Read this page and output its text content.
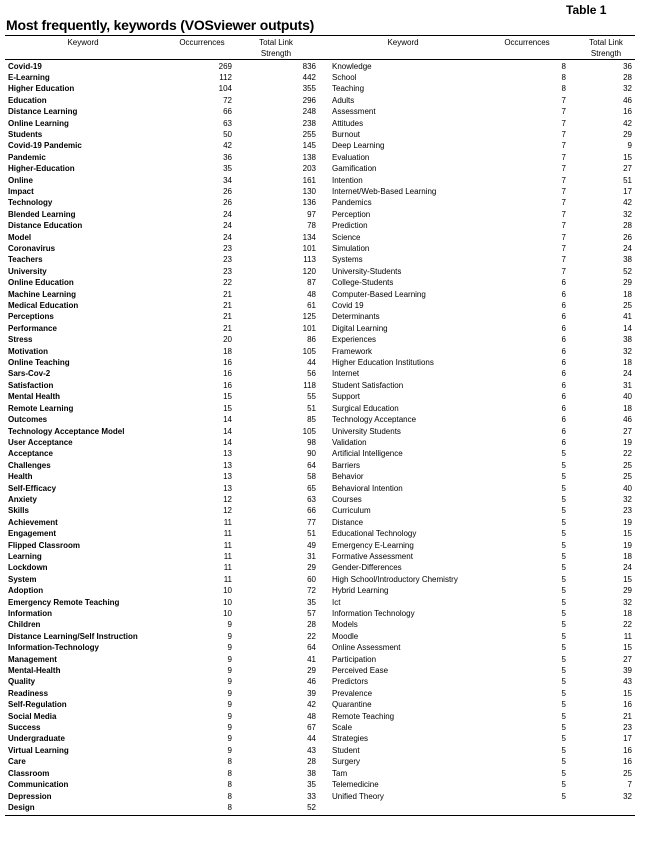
Table 1
Most frequently, keywords (VOSviewer outputs)
Keyword	Occurrences	Total Link
Strength
Keyword	Occurrences	Total Link
Strength
Covid-19	269	836 Knowledge	8	36
E-Learning	112	442 School	8	28
Higher Education	104	355 Teaching	8	32
Education	72	296 Adults	7	46
Distance Learning	66	248 Assessment	7	16
Online Learning	63	238 Attitudes	7	42
Students	50	255 Burnout	7	29
Covid-19 Pandemic	42	145 Deep Learning	7	9
Pandemic	36	138 Evaluation	7	15
Higher-Education	35	203 Gamification	7	27
Online	34	161 Intention	7	51
Impact	26	130 Internet/Web-Based Learning	7	17
Technology	26	136 Pandemics	7	42
Blended Learning	24	97 Perception	7	32
Distance Education	24	78 Prediction	7	28
Model	24	134 Science	7	26
Coronavirus	23	101 Simulation	7	24
Teachers	23	113 Systems	7	38
University	23	120 University-Students	7	52
Online Education	22	87 College-Students	6	29
Machine Learning	21	48 Computer-Based Learning	6	18
Medical Education	21	61 Covid 19	6	25
Perceptions	21	125 Determinants	6	41
Performance	21	101 Digital Learning	6	14
Stress	20	86 Experiences	6	38
Motivation	18	105 Framework	6	32
Online Teaching	16	44 Higher Education Institutions	6	18
Sars-Cov-2	16	56 Internet	6	24
Satisfaction	16	118 Student Satisfaction	6	31
Mental Health	15	55 Support	6	40
Remote Learning	15	51 Surgical Education	6	18
Outcomes	14	85 Technology Acceptance	6	46
Technology Acceptance Model	14	105 University Students	6	27
User Acceptance	14	98 Validation	6	19
Acceptance	13	90 Artificial Intelligence	5	22
Challenges	13	64 Barriers	5	25
Health	13	58 Behavior	5	25
Self-Efficacy	13	65 Behavioral Intention	5	40
Anxiety	12	63 Courses	5	32
Skills	12	66 Curriculum	5	23
Achievement	11	77 Distance	5	19
Engagement	11	51 Educational Technology	5	15
Flipped Classroom	11	49 Emergency E-Learning	5	19
Learning	11	31 Formative Assessment	5	18
Lockdown	11	29 Gender-Differences	5	24
System	11	60 High School/Introductory Chemistry	5	15
Adoption	10	72 Hybrid Learning	5	29
Emergency Remote Teaching	10	35 Ict	5	32
Information	10	57 Information Technology	5	18
Children	9	28 Models	5	22
Distance Learning/Self Instruction	9	22 Moodle	5	11
Information-Technology	9	64 Online Assessment	5	15
Management	9	41 Participation	5	27
Mental-Health	9	29 Perceived Ease	5	39
Quality	9	46 Predictors	5	43
Readiness	9	39 Prevalence	5	15
Self-Regulation	9	42 Quarantine	5	16
Social Media	9	48 Remote Teaching	5	21
Success	9	67 Scale	5	23
Undergraduate	9	44 Strategies	5	17
Virtual Learning	9	43 Student	5	16
Care	8	28 Surgery	5	16
Classroom	8	38 Tam	5	25
Communication	8	35 Telemedicine	5	7
Depression	8	33 Unified Theory	5	32
Design	8	52
